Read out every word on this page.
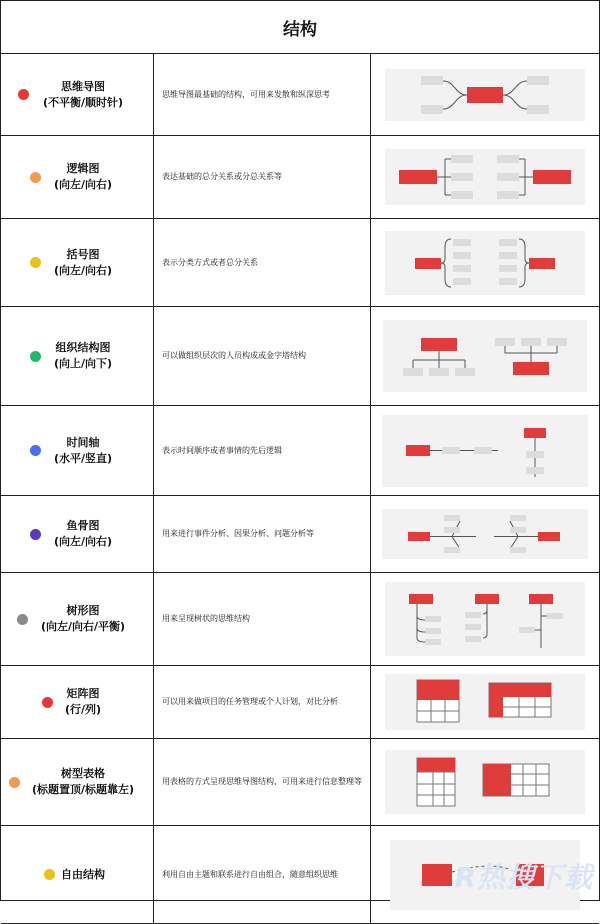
结构
思维导图
(不平衡/顺时针)
思维导图最基础的结构，可用来发散和纵深思考
逻辑图
(向左/向右)
表达基础的总分关系或分总关系等
括号图
(向左/向右)
表示分类方式或者总分关系
组织结构图
(向上/向下)
可以做组织层次的人员构成或金字塔结构
时间轴
(水平/竖直)
表示时间顺序或者事情的先后逻辑
鱼骨图
(向左/向右)
用来进行事件分析、因果分析、问题分析等
树形图
(向左/向右/平衡)
用来呈现树状的思维结构
矩阵图
(行/列)
可以用来做项目的任务管理或个人计划，对比分析
树型表格
(标题置顶/标题靠左)
用表格的方式呈现思维导图结构，可用来进行信息整理等
自由结构	利用自由主题和联系进行自由组合，随意组织思维	R热搜下载
